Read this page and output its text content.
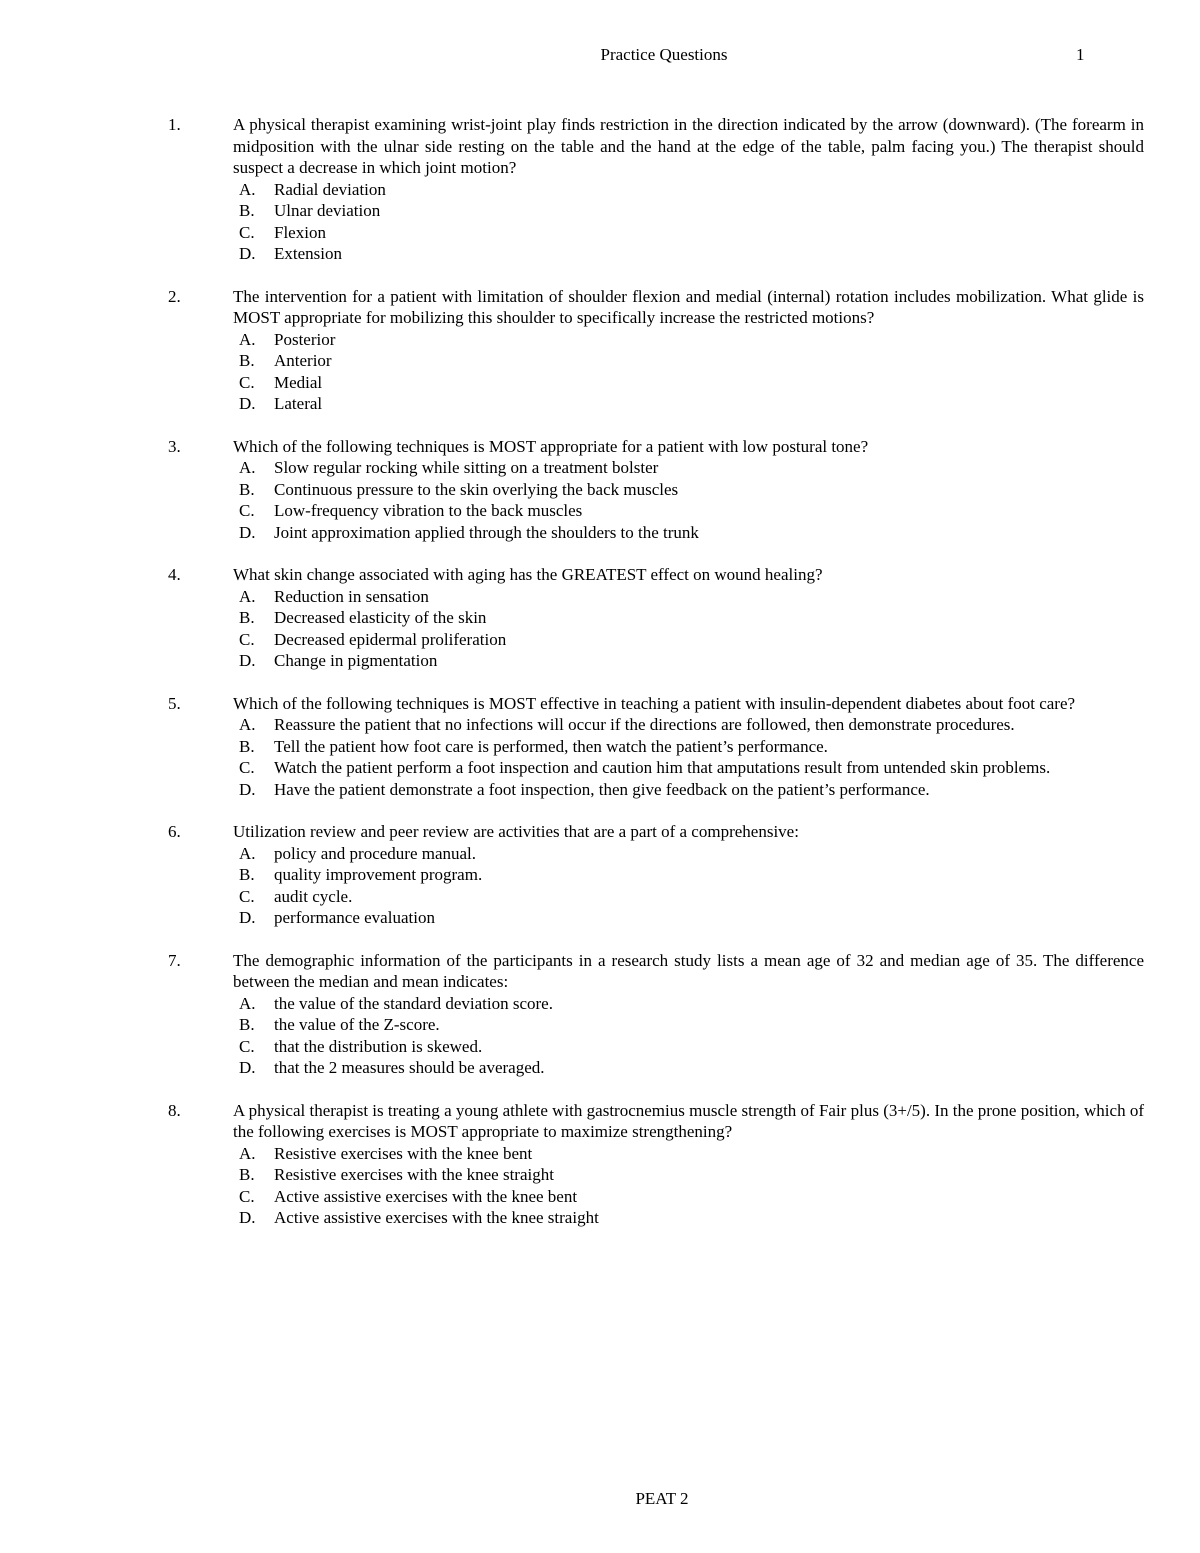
Practice Questions	1
1.	A physical therapist examining wrist-joint play finds restriction in the direction indicated by the arrow (downward). (The forearm in midposition with the ulnar side resting on the table and the hand at the edge of the table, palm facing you.) The therapist should suspect a decrease in which joint motion?
A. Radial deviation
B. Ulnar deviation
C. Flexion
D. Extension
2.	The intervention for a patient with limitation of shoulder flexion and medial (internal) rotation includes mobilization. What glide is MOST appropriate for mobilizing this shoulder to specifically increase the restricted motions?
A. Posterior
B. Anterior
C. Medial
D. Lateral
3.	Which of the following techniques is MOST appropriate for a patient with low postural tone?
A. Slow regular rocking while sitting on a treatment bolster
B. Continuous pressure to the skin overlying the back muscles
C. Low-frequency vibration to the back muscles
D. Joint approximation applied through the shoulders to the trunk
4.	What skin change associated with aging has the GREATEST effect on wound healing?
A. Reduction in sensation
B. Decreased elasticity of the skin
C. Decreased epidermal proliferation
D. Change in pigmentation
5.	Which of the following techniques is MOST effective in teaching a patient with insulin-dependent diabetes about foot care?
A. Reassure the patient that no infections will occur if the directions are followed, then demonstrate procedures.
B. Tell the patient how foot care is performed, then watch the patient’s performance.
C. Watch the patient perform a foot inspection and caution him that amputations result from untended skin problems.
D. Have the patient demonstrate a foot inspection, then give feedback on the patient’s performance.
6.	Utilization review and peer review are activities that are a part of a comprehensive:
A. policy and procedure manual.
B. quality improvement program.
C. audit cycle.
D. performance evaluation
7.	The demographic information of the participants in a research study lists a mean age of 32 and median age of 35. The difference between the median and mean indicates:
A. the value of the standard deviation score.
B. the value of the Z-score.
C. that the distribution is skewed.
D. that the 2 measures should be averaged.
8.	A physical therapist is treating a young athlete with gastrocnemius muscle strength of Fair plus (3+/5). In the prone position, which of the following exercises is MOST appropriate to maximize strengthening?
A. Resistive exercises with the knee bent
B. Resistive exercises with the knee straight
C. Active assistive exercises with the knee bent
D. Active assistive exercises with the knee straight
PEAT 2
